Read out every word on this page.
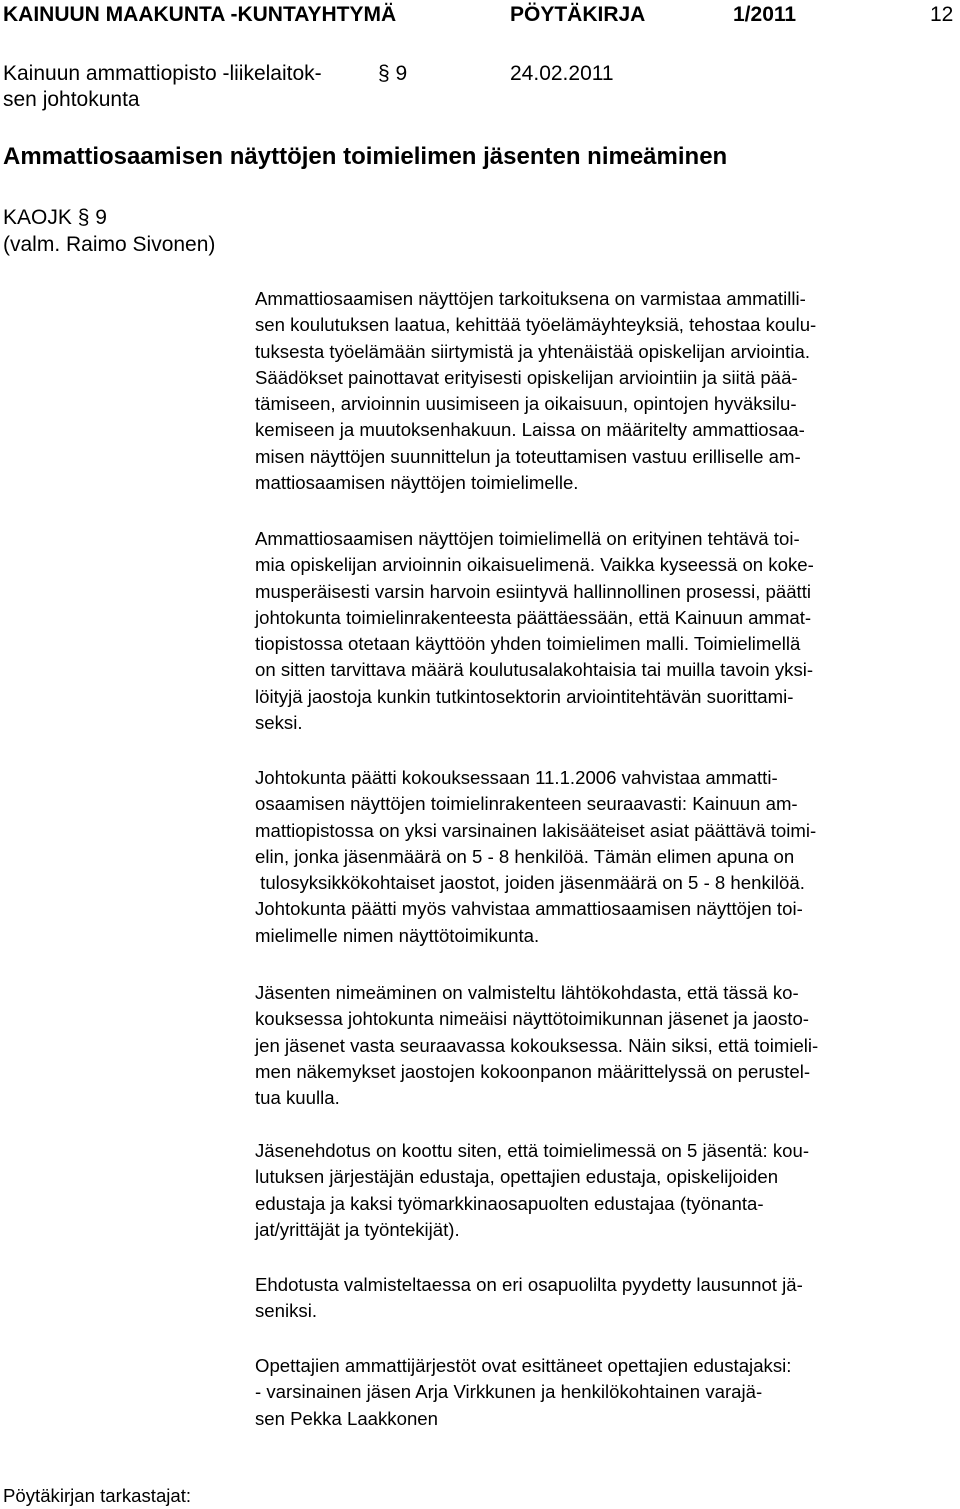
KAINUUN MAAKUNTA -KUNTAYHTYMÄ	PÖYTÄKIRJA	1/2011	12
Kainuun ammattiopisto -liikelaitok-
sen johtokunta
§ 9	24.02.2011
Ammattiosaamisen näyttöjen toimielimen jäsenten nimeäminen
KAOJK § 9
(valm. Raimo Sivonen)
Ammattiosaamisen näyttöjen tarkoituksena on varmistaa ammatilli-
sen koulutuksen laatua, kehittää työelämäyhteyksiä, tehostaa koulu-
tuksesta työelämään siirtymistä ja yhtenäistää opiskelijan arviointia.
Säädökset painottavat erityisesti opiskelijan arviointiin ja siitä pää-
tämiseen, arvioinnin uusimiseen ja oikaisuun, opintojen hyväksilu-
kemiseen ja muutoksenhakuun. Laissa on määritelty ammattiosaa-
misen näyttöjen suunnittelun ja toteuttamisen vastuu erilliselle am-
mattiosaamisen näyttöjen toimielimelle.
Ammattiosaamisen näyttöjen toimielimellä on erityinen tehtävä toi-
mia opiskelijan arvioinnin oikaisuelimenä. Vaikka kyseessä on koke-
musperäisesti varsin harvoin esiintyvä hallinnollinen prosessi, päätti
johtokunta toimielinrakenteesta päättäessään, että Kainuun ammat-
tiopistossa otetaan käyttöön yhden toimielimen malli. Toimielimellä
on sitten tarvittava määrä koulutusalakohtaisia tai muilla tavoin yksi-
löityjä jaostoja kunkin tutkintosektorin arviointitehtävän suorittami-
seksi.
Johtokunta päätti kokouksessaan 11.1.2006 vahvistaa ammatti-
osaamisen näyttöjen toimielinrakenteen seuraavasti: Kainuun am-
mattiopistossa on yksi varsinainen lakisääteiset asiat päättävä toimi-
elin, jonka jäsenmäärä on 5 - 8 henkilöä. Tämän elimen apuna on
tulosyksikkökohtaiset jaostot, joiden jäsenmäärä on 5 - 8 henkilöä.
Johtokunta päätti myös vahvistaa ammattiosaamisen näyttöjen toi-
mielimelle nimen näyttötoimikunta.
Jäsenten nimeäminen on valmisteltu lähtökohdasta, että tässä ko-
kouksessa johtokunta nimeäisi näyttötoimikunnan jäsenet ja jaosto-
jen jäsenet vasta seuraavassa kokouksessa. Näin siksi, että toimieli-
men näkemykset jaostojen kokoonpanon määrittelyssä on perustel-
tua kuulla.
Jäsenehdotus on koottu siten, että toimielimessä on 5 jäsentä: kou-
lutuksen järjestäjän edustaja, opettajien edustaja, opiskelijoiden
edustaja ja kaksi työmarkkinaosapuolten edustajaa (työnanta-
jat/yrittäjät ja työntekijät).
Ehdotusta valmisteltaessa on eri osapuolilta pyydetty lausunnot jä-
seniksi.
Opettajien ammattijärjestöt ovat esittäneet opettajien edustajaksi:
- varsinainen jäsen Arja Virkkunen ja henkilökohtainen varajä-
sen Pekka Laakkonen
Pöytäkirjan tarkastajat:
